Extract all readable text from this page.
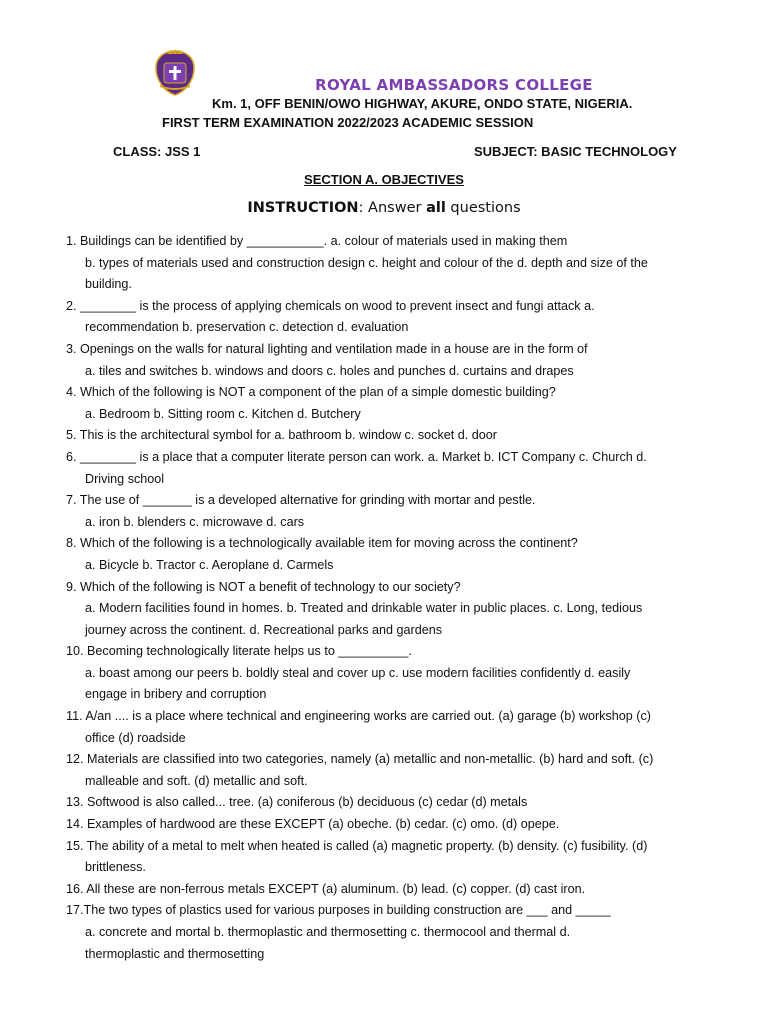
ROYAL AMBASSADORS COLLEGE
Km. 1, OFF BENIN/OWO HIGHWAY, AKURE, ONDO STATE, NIGERIA.
FIRST TERM EXAMINATION 2022/2023 ACADEMIC SESSION
CLASS: JSS 1	SUBJECT: BASIC TECHNOLOGY
SECTION A. OBJECTIVES
INSTRUCTION: Answer all questions
1. Buildings can be identified by ___________. a. colour of materials used in making them
b. types of materials used and construction design c. height and colour of the d. depth and size of the
building.
2. ________ is the process of applying chemicals on wood to prevent insect and fungi attack a.
recommendation b. preservation c. detection d. evaluation
3. Openings on the walls for natural lighting and ventilation made in a house are in the form of
a. tiles and switches b. windows and doors c. holes and punches d. curtains and drapes
4. Which of the following is NOT a component of the plan of a simple domestic building?
a. Bedroom b. Sitting room c. Kitchen d. Butchery
5. This is the architectural symbol for a. bathroom b. window c. socket d. door
6. ________ is a place that a computer literate person can work. a. Market b. ICT Company c. Church d.
Driving school
7. The use of _______ is a developed alternative for grinding with mortar and pestle.
a. iron b. blenders c. microwave d. cars
8. Which of the following is a technologically available item for moving across the continent?
a. Bicycle b. Tractor c. Aeroplane d. Carmels
9. Which of the following is NOT a benefit of technology to our society?
a. Modern facilities found in homes. b. Treated and drinkable water in public places. c. Long, tedious
journey across the continent. d. Recreational parks and gardens
10. Becoming technologically literate helps us to __________.
a. boast among our peers b. boldly steal and cover up c. use modern facilities confidently d. easily
engage in bribery and corruption
11. A/an .... is a place where technical and engineering works are carried out. (a) garage (b) workshop (c)
office (d) roadside
12. Materials are classified into two categories, namely (a) metallic and non-metallic. (b) hard and soft. (c)
malleable and soft. (d) metallic and soft.
13. Softwood is also called... tree. (a) coniferous (b) deciduous (c) cedar (d) metals
14. Examples of hardwood are these EXCEPT (a) obeche. (b) cedar. (c) omo. (d) opepe.
15. The ability of a metal to melt when heated is called (a) magnetic property. (b) density. (c) fusibility. (d)
brittleness.
16. All these are non-ferrous metals EXCEPT (a) aluminum. (b) lead. (c) copper. (d) cast iron.
17.The two types of plastics used for various purposes in building construction are ___ and _____
a. concrete and mortal b. thermoplastic and thermosetting c. thermocool and thermal d.
thermoplastic and thermosetting
